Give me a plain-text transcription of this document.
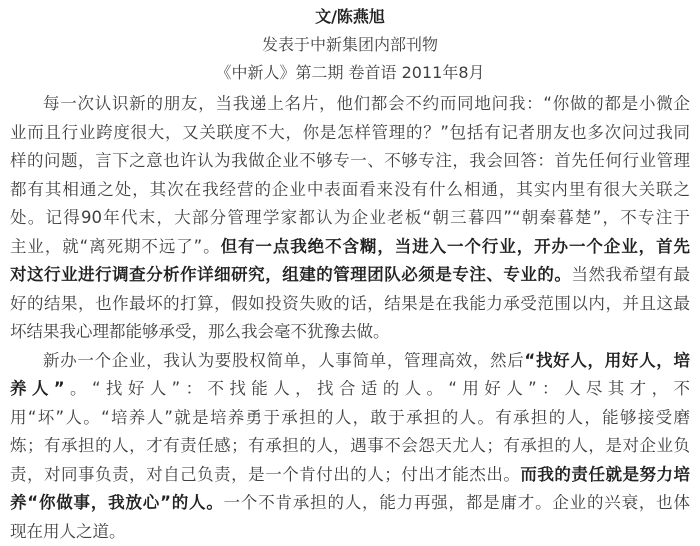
文/陈燕旭
发表于中新集团内部刊物
《中新人》第二期 卷首语 2011年8月
每一次认识新的朋友，当我递上名片，他们都会不约而同地问我：“你做的都是小微企
业而且行业跨度很大，又关联度不大，你是怎样管理的？”包括有记者朋友也多次问过我同
样的问题，言下之意也许认为我做企业不够专一、不够专注，我会回答：首先任何行业管理
都有其相通之处，其次在我经营的企业中表面看来没有什么相通，其实内里有很大关联之
处。记得90年代末，大部分管理学家都认为企业老板“朝三暮四”“朝秦暮楚”，不专注于
主业，就“离死期不远了”。但有一点我绝不含糊，当进入一个行业，开办一个企业，首先
对这行业进行调查分析作详细研究，组建的管理团队必须是专注、专业的。当然我希望有最
好的结果，也作最坏的打算，假如投资失败的话，结果是在我能力承受范围以内，并且这最
坏结果我心理都能够承受，那么我会毫不犹豫去做。
新办一个企业，我认为要股权简单，人事简单，管理高效，然后“找好人，用好人，培
养人”。“找好人”：不找能人，找合适的人。“用好人”：人尽其才，不
用“坏”人。“培养人”就是培养勇于承担的人，敢于承担的人。有承担的人，能够接受磨
炼；有承担的人，才有责任感；有承担的人，遇事不会怨天尤人；有承担的人，是对企业负
责，对同事负责，对自己负责，是一个肯付出的人；付出才能杰出。而我的责任就是努力培
养“你做事，我放心”的人。一个不肯承担的人，能力再强，都是庸才。企业的兴衰，也体
现在用人之道。
